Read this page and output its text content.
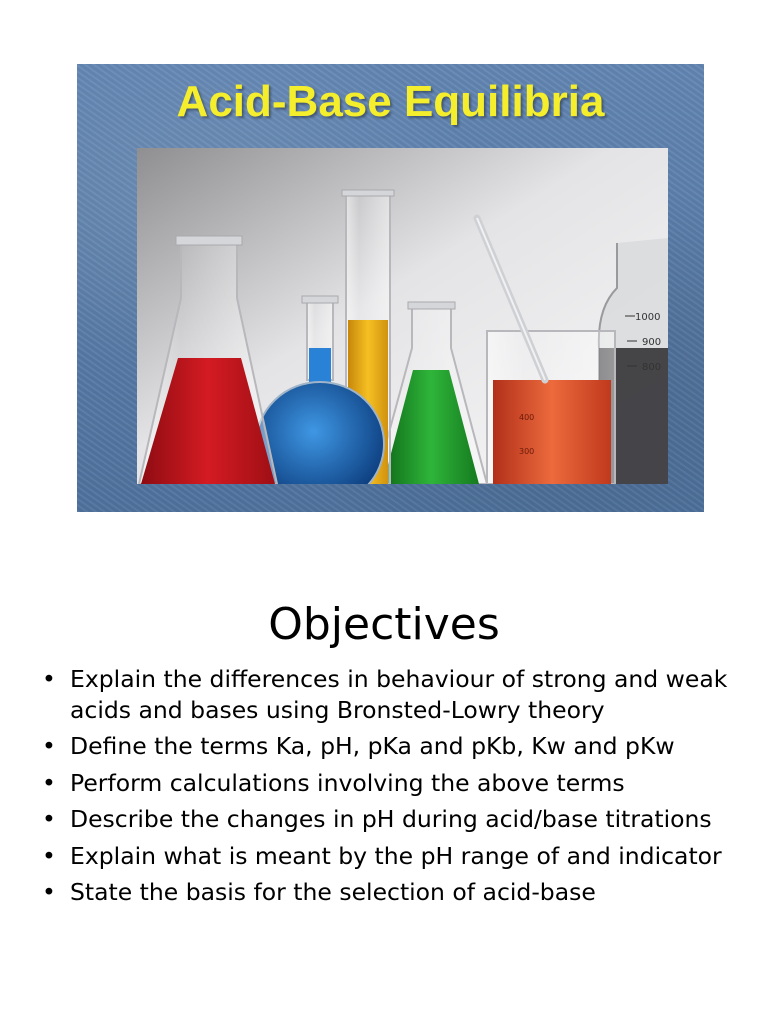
Acid-Base Equilibria
1000
900
800
400
300
Objectives
• Explain the differences in behaviour of strong and weak acids and bases using Bronsted-Lowry theory
• Define the terms Ka, pH, pKa and pKb, Kw and pKw
• Perform calculations involving the above terms
• Describe the changes in pH during acid/base titrations
• Explain what is meant by the pH range of and indicator
• State the basis for the selection of acid-base
